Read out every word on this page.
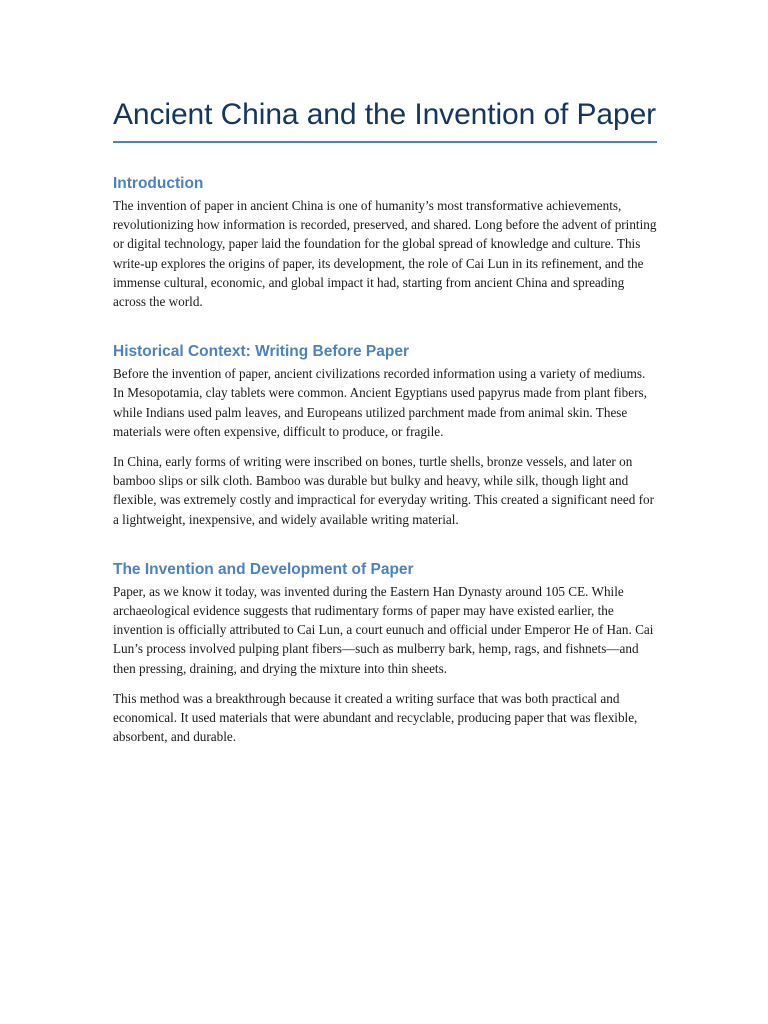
Ancient China and the Invention of Paper
Introduction

The invention of paper in ancient China is one of humanity’s most transformative achievements, revolutionizing how information is recorded, preserved, and shared. Long before the advent of printing or digital technology, paper laid the foundation for the global spread of knowledge and culture. This write-up explores the origins of paper, its development, the role of Cai Lun in its refinement, and the immense cultural, economic, and global impact it had, starting from ancient China and spreading across the world.

Historical Context: Writing Before Paper

Before the invention of paper, ancient civilizations recorded information using a variety of mediums. In Mesopotamia, clay tablets were common. Ancient Egyptians used papyrus made from plant fibers, while Indians used palm leaves, and Europeans utilized parchment made from animal skin. These materials were often expensive, difficult to produce, or fragile.

In China, early forms of writing were inscribed on bones, turtle shells, bronze vessels, and later on bamboo slips or silk cloth. Bamboo was durable but bulky and heavy, while silk, though light and flexible, was extremely costly and impractical for everyday writing. This created a significant need for a lightweight, inexpensive, and widely available writing material.

The Invention and Development of Paper

Paper, as we know it today, was invented during the Eastern Han Dynasty around 105 CE. While archaeological evidence suggests that rudimentary forms of paper may have existed earlier, the invention is officially attributed to Cai Lun, a court eunuch and official under Emperor He of Han. Cai Lun’s process involved pulping plant fibers—such as mulberry bark, hemp, rags, and fishnets—and then pressing, draining, and drying the mixture into thin sheets.

This method was a breakthrough because it created a writing surface that was both practical and economical. It used materials that were abundant and recyclable, producing paper that was flexible, absorbent, and durable.
